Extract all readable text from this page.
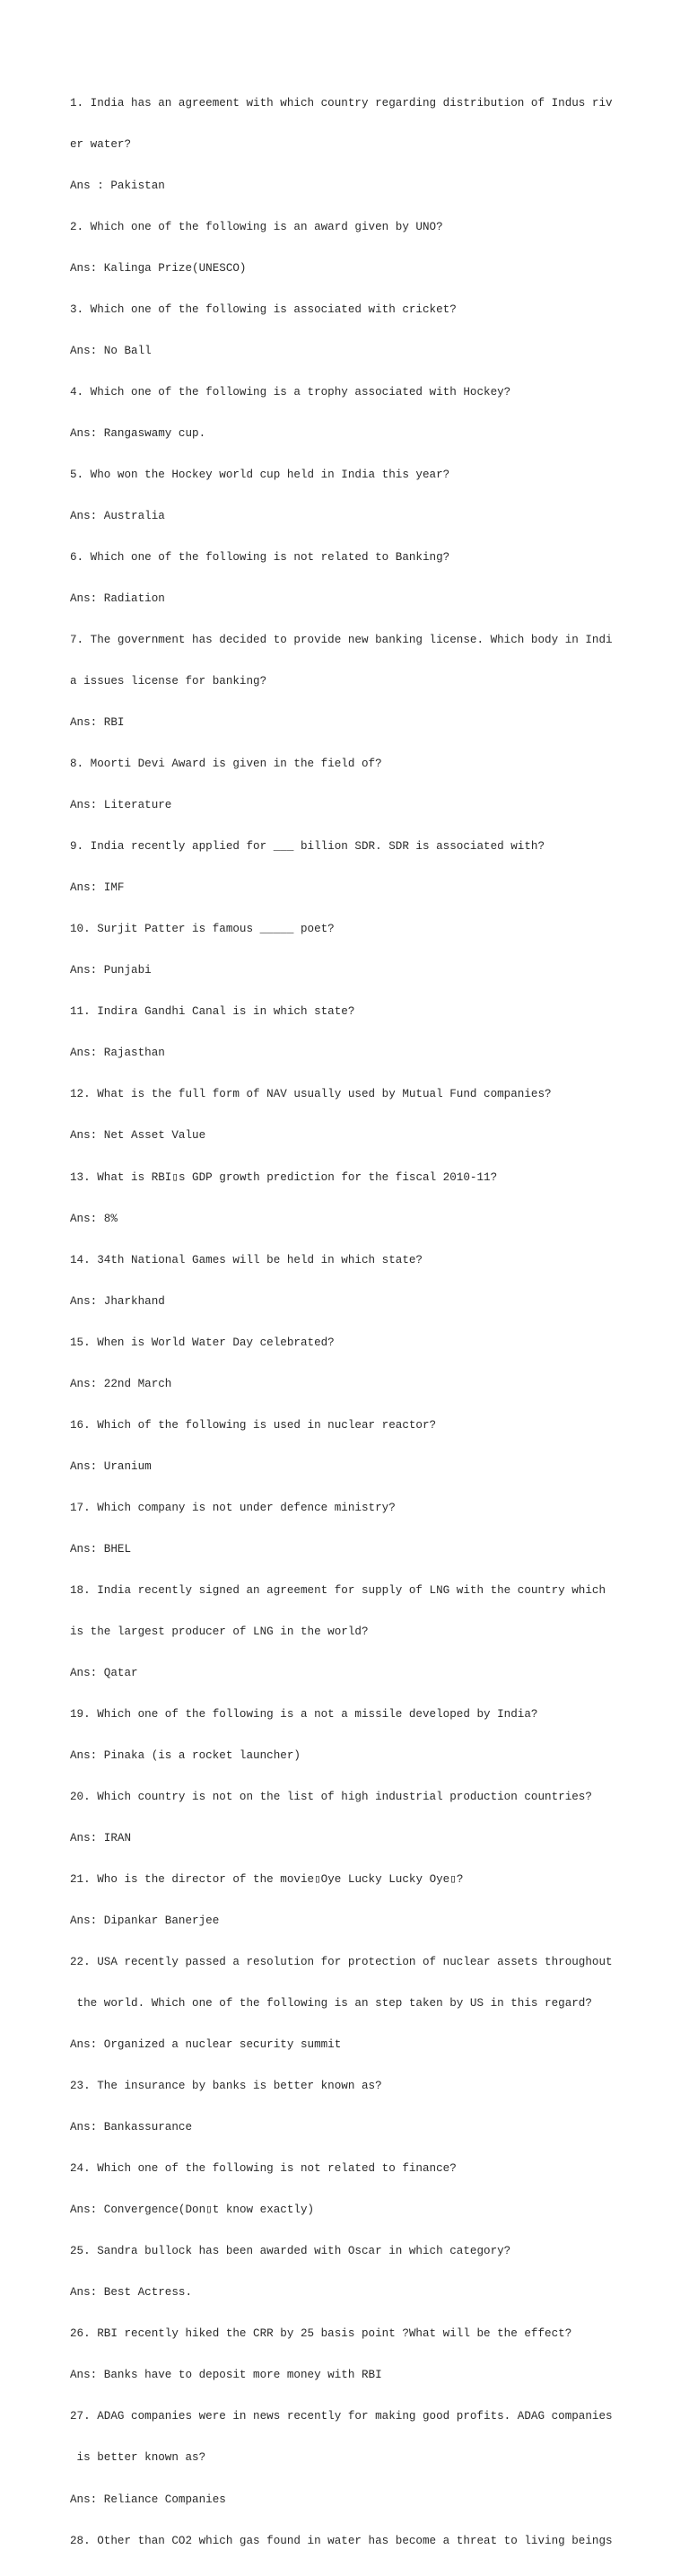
1. India has an agreement with which country regarding distribution of Indus riv

er water?

Ans : Pakistan

2. Which one of the following is an award given by UNO?

Ans: Kalinga Prize(UNESCO)

3. Which one of the following is associated with cricket?

Ans: No Ball

4. Which one of the following is a trophy associated with Hockey?

Ans: Rangaswamy cup.

5. Who won the Hockey world cup held in India this year?

Ans: Australia

6. Which one of the following is not related to Banking?

Ans: Radiation

7. The government has decided to provide new banking license. Which body in Indi

a issues license for banking?

Ans: RBI

8. Moorti Devi Award is given in the field of?

Ans: Literature

9. India recently applied for ___ billion SDR. SDR is associated with?

Ans: IMF

10. Surjit Patter is famous _____ poet?

Ans: Punjabi

11. Indira Gandhi Canal is in which state?

Ans: Rajasthan

12. What is the full form of NAV usually used by Mutual Fund companies?

Ans: Net Asset Value

13. What is RBI▯s GDP growth prediction for the fiscal 2010-11?

Ans: 8%

14. 34th National Games will be held in which state?

Ans: Jharkhand

15. When is World Water Day celebrated?

Ans: 22nd March

16. Which of the following is used in nuclear reactor?

Ans: Uranium

17. Which company is not under defence ministry?

Ans: BHEL

18. India recently signed an agreement for supply of LNG with the country which

is the largest producer of LNG in the world?

Ans: Qatar

19. Which one of the following is a not a missile developed by India?

Ans: Pinaka (is a rocket launcher)

20. Which country is not on the list of high industrial production countries?

Ans: IRAN

21. Who is the director of the movie▯Oye Lucky Lucky Oye▯?

Ans: Dipankar Banerjee

22. USA recently passed a resolution for protection of nuclear assets throughout

the world. Which one of the following is an step taken by US in this regard?

Ans: Organized a nuclear security summit

23. The insurance by banks is better known as?

Ans: Bankassurance

24. Which one of the following is not related to finance?

Ans: Convergence(Don▯t know exactly)

25. Sandra bullock has been awarded with Oscar in which category?

Ans: Best Actress.

26. RBI recently hiked the CRR by 25 basis point ?What will be the effect?

Ans: Banks have to deposit more money with RBI

27. ADAG companies were in news recently for making good profits. ADAG companies

is better known as?

Ans: Reliance Companies

28. Other than CO2 which gas found in water has become a threat to living beings
